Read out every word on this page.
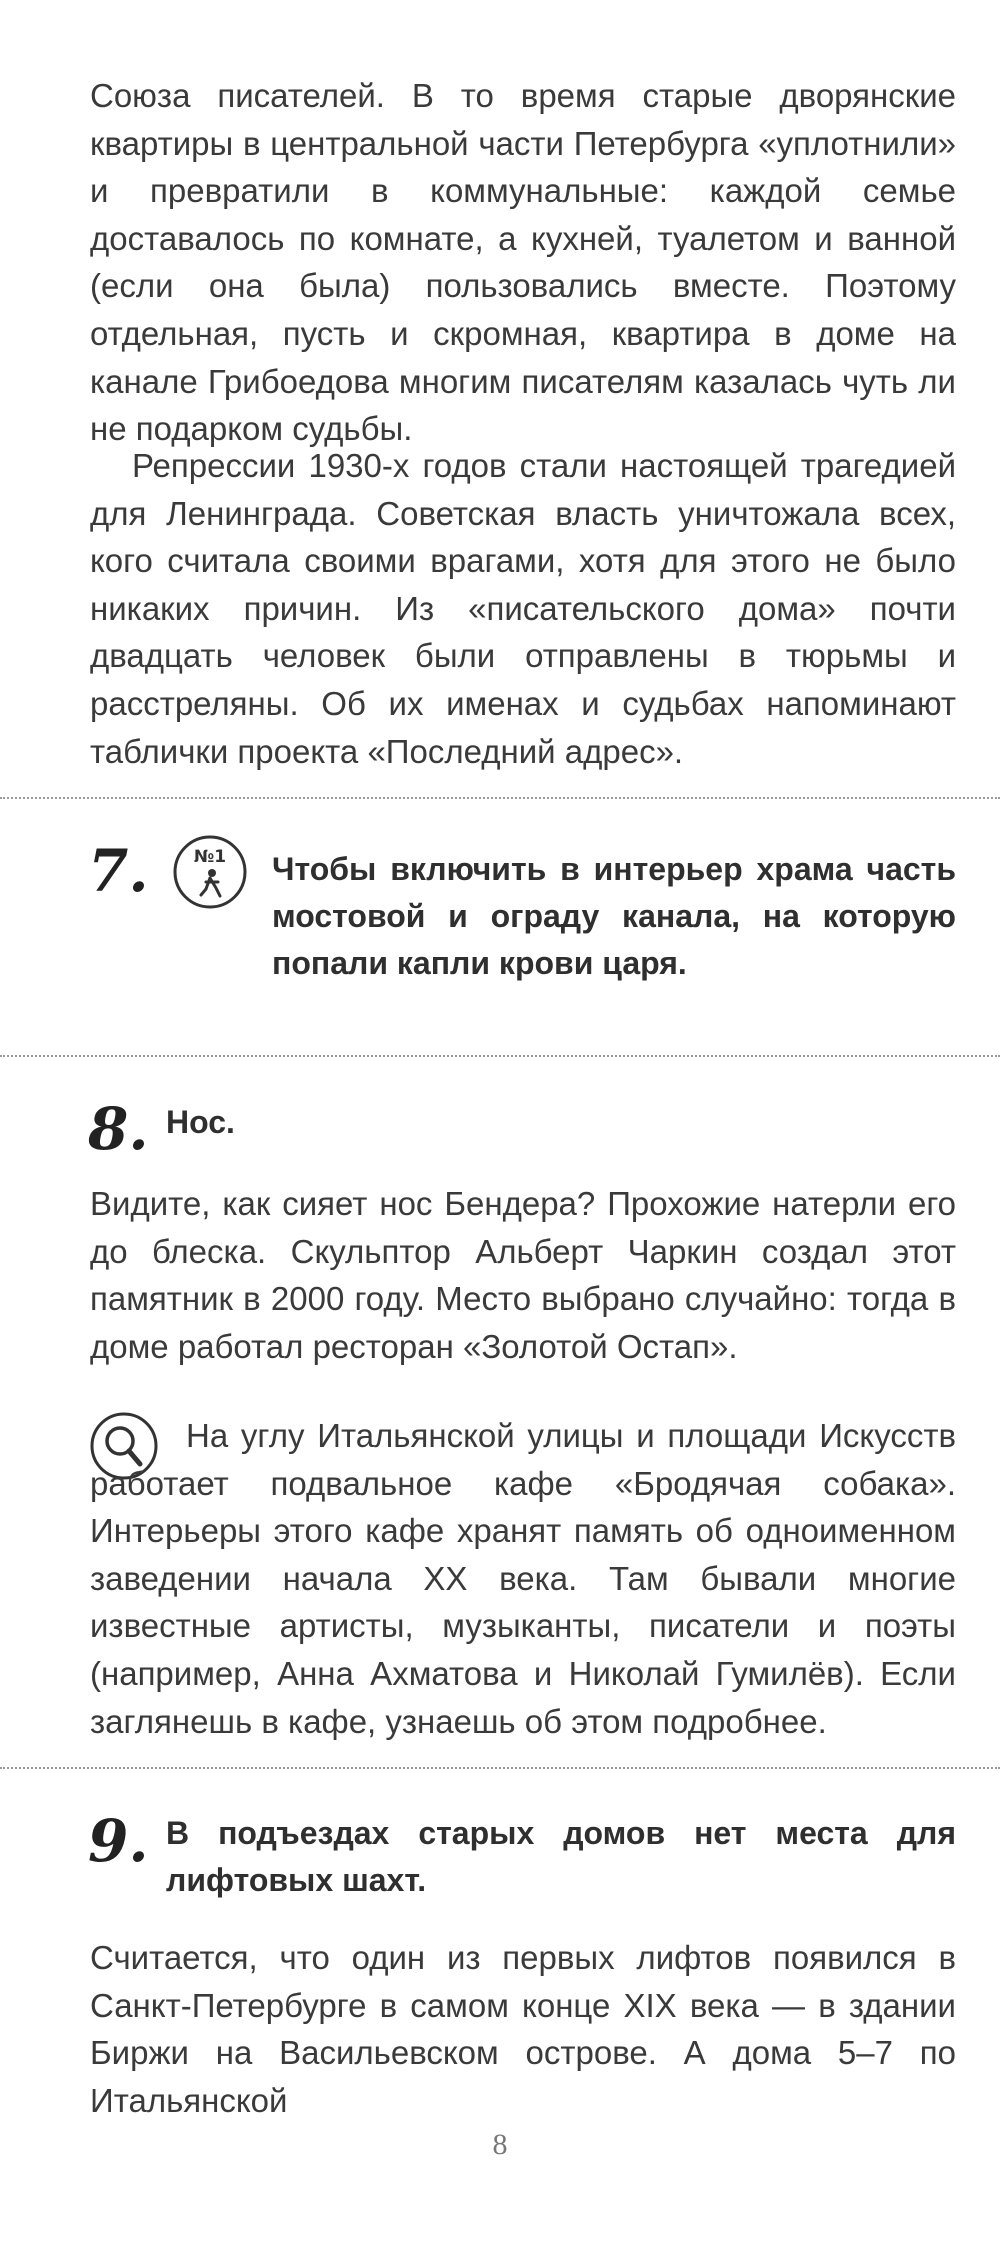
Союза писателей. В то время старые дворянские квартиры в центральной части Петербурга «уплотнили» и превратили в коммунальные: каждой семье доставалось по комнате, а кухней, туалетом и ванной (если она была) пользовались вместе. Поэтому отдельная, пусть и скромная, квартира в доме на канале Грибоедова многим писателям казалась чуть ли не подарком судьбы.

Репрессии 1930-х годов стали настоящей трагедией для Ленинграда. Советская власть уничтожала всех, кого считала своими врагами, хотя для этого не было никаких причин. Из «писательского дома» почти двадцать человек были отправлены в тюрьмы и расстреляны. Об их именах и судьбах напоминают таблички проекта «Последний адрес».

7.	№1 Чтобы включить в интерьер храма часть мостовой и ограду канала, на которую попали капли крови царя.

8. Нос.

Видите, как сияет нос Бендера? Прохожие натерли его до блеска. Скульптор Альберт Чаркин создал этот памятник в 2000 году. Место выбрано случайно: тогда в доме работал ресторан «Золотой Остап».

На углу Итальянской улицы и площади Искусств работает подвальное кафе «Бродячая собака». Интерьеры этого кафе хранят память об одноименном заведении начала XX века. Там бывали многие известные артисты, музыканты, писатели и поэты (например, Анна Ахматова и Николай Гумилёв). Если заглянешь в кафе, узнаешь об этом подробнее.

9. В подъездах старых домов нет места для лифтовых шахт.

Считается, что один из первых лифтов появился в Санкт-Петербурге в самом конце XIX века — в здании Биржи на Васильевском острове. А дома 5–7 по Итальянской

8
